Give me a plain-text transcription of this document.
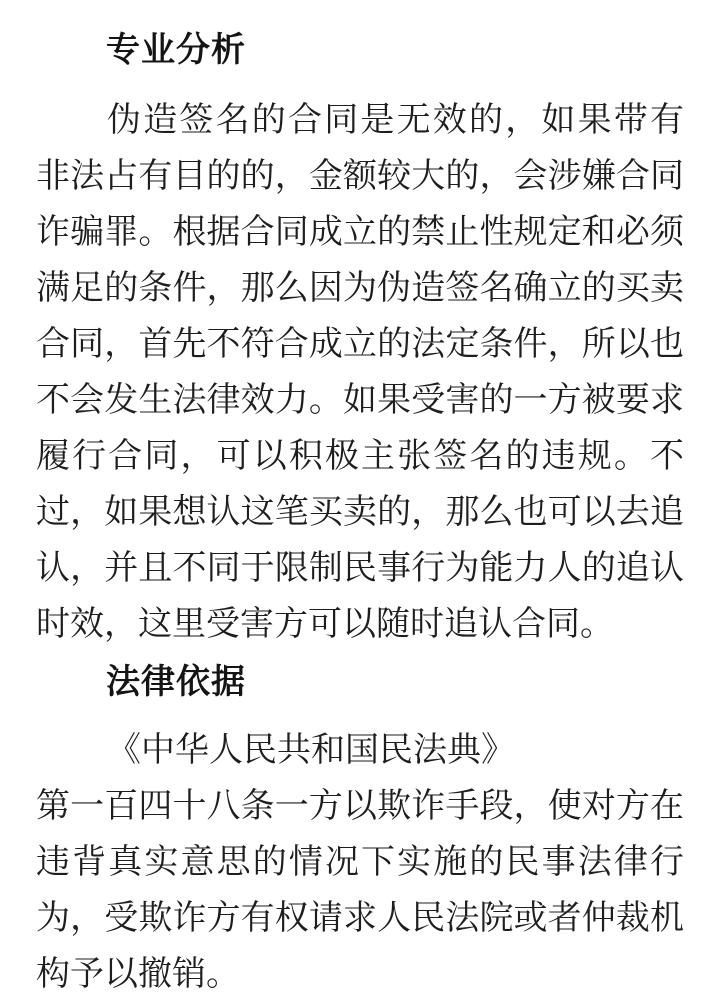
专业分析

伪造签名的合同是无效的，如果带有非法占有目的的，金额较大的，会涉嫌合同诈骗罪。根据合同成立的禁止性规定和必须满足的条件，那么因为伪造签名确立的买卖合同，首先不符合成立的法定条件，所以也不会发生法律效力。如果受害的一方被要求履行合同，可以积极主张签名的违规。不过，如果想认这笔买卖的，那么也可以去追认，并且不同于限制民事行为能力人的追认时效，这里受害方可以随时追认合同。

法律依据

《中华人民共和国民法典》

第一百四十八条一方以欺诈手段，使对方在违背真实意思的情况下实施的民事法律行为，受欺诈方有权请求人民法院或者仲裁机构予以撤销。
